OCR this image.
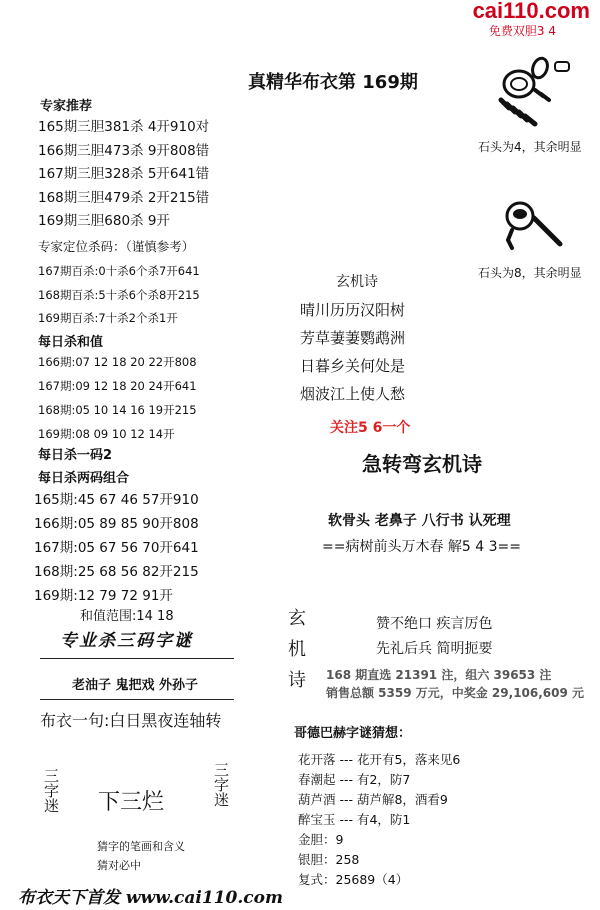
cai110.com
免费双胆3 4
真精华布衣第 169期
专家推荐
165期三胆381杀 4开910对
166期三胆473杀 9开808错
167期三胆328杀 5开641错
168期三胆479杀 2开215错
169期三胆680杀 9开
专家定位杀码：（谨慎参考）
167期百杀:0十杀6个杀7开641
168期百杀:5十杀6个杀8开215
169期百杀:7十杀2个杀1开
每日杀和值
166期:07 12 18 20 22开808
167期:09 12 18 20 24开641
168期:05 10 14 16 19开215
169期:08 09 10 12 14开
每日杀一码2
每日杀两码组合
165期:45 67 46 57开910
166期:05 89 85 90开808
167期:05 67 56 70开641
168期:25 68 56 82开215
169期:12 79 72 91开
和值范围:14 18
专业杀三码字谜
老油子 鬼把戏 外孙子
布衣一句:白日黑夜连轴转
三字迷 下三烂	三字迷
猜字的笔画和含义
猜对必中
石头为4，其余明显
石头为8，其余明显
玄机诗
晴川历历汉阳树
芳草萋萋鹦鹉洲
日暮乡关何处是
烟波江上使人愁
关注5 6一个
急转弯玄机诗
软骨头 老鼻子 八行书 认死理
==病树前头万木春 解5 4 3==
玄
机
诗
赞不绝口 疾言厉色
先礼后兵 简明扼要
168 期直选 21391 注，组六 39653 注
销售总额 5359 万元，中奖金 29,106,609 元
哥德巴赫字谜猜想：
花开落 --- 花开有5，落来见6
春潮起 --- 有2，防7
葫芦酒 --- 葫芦解8，酒看9
醉宝玉 --- 有4，防1
金胆：9
银胆：258
复式：25689（4）
布衣天下首发 www.cai110.com
